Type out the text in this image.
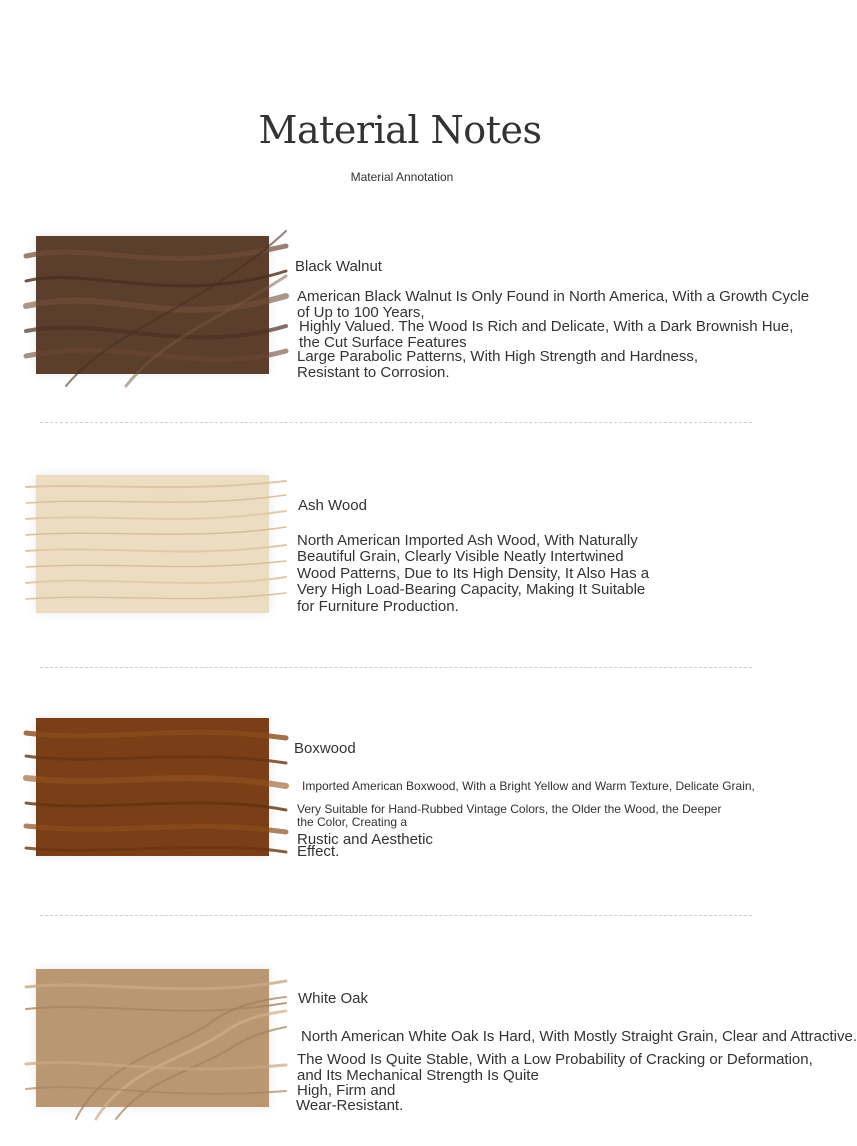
Material Notes
Material Annotation
Black Walnut
American Black Walnut Is Only Found in North America, With a Growth Cycle
of Up to 100 Years,
Highly Valued. The Wood Is Rich and Delicate, With a Dark Brownish Hue,
the Cut Surface Features
Large Parabolic Patterns, With High Strength and Hardness,
Resistant to Corrosion.
Ash Wood
North American Imported Ash Wood, With Naturally
Beautiful Grain, Clearly Visible Neatly Intertwined
Wood Patterns, Due to Its High Density, It Also Has a
Very High Load-Bearing Capacity, Making It Suitable
for Furniture Production.
Boxwood
Imported American Boxwood, With a Bright Yellow and Warm Texture, Delicate Grain,
Very Suitable for Hand-Rubbed Vintage Colors, the Older the Wood, the Deeper
the Color, Creating a
Rustic and Aesthetic
Effect.
White Oak
North American White Oak Is Hard, With Mostly Straight Grain, Clear and Attractive.
The Wood Is Quite Stable, With a Low Probability of Cracking or Deformation,
and Its Mechanical Strength Is Quite
High, Firm and
Wear-Resistant.
